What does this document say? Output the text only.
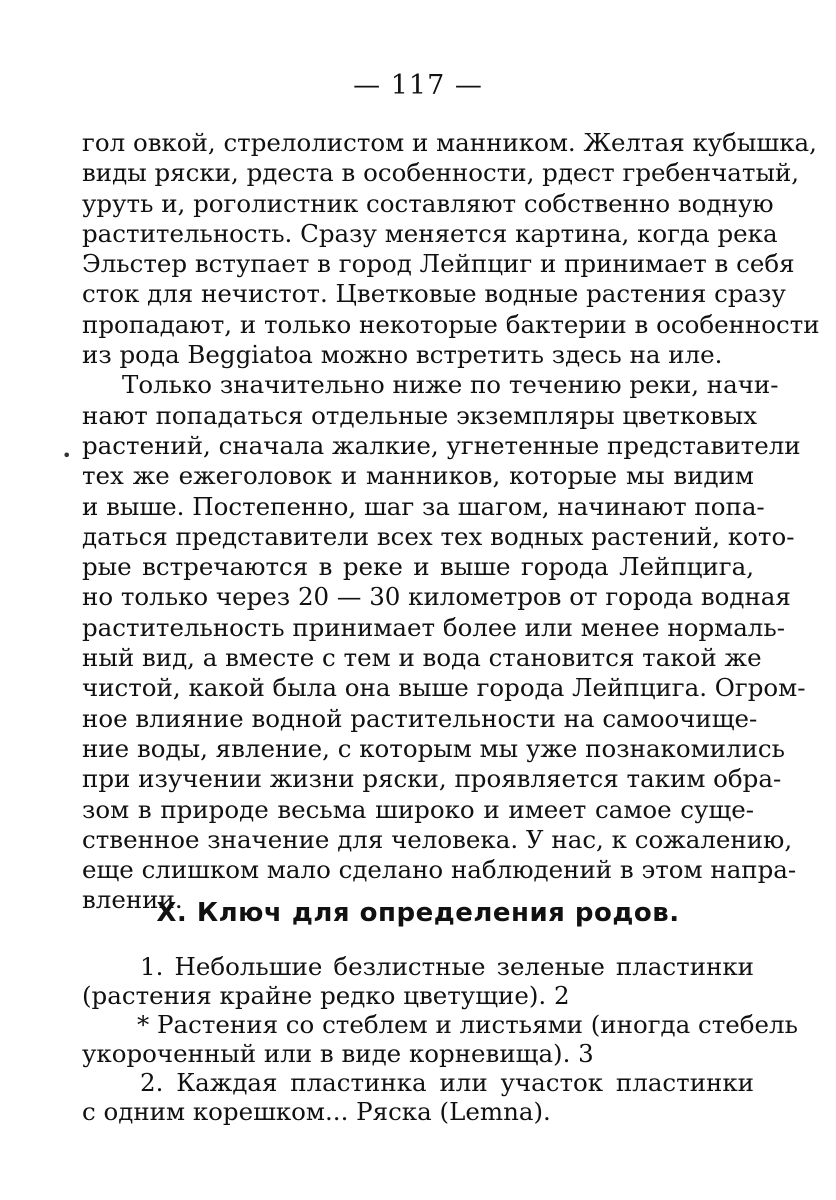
— 117 —
гол овкой, стрелолистом и манником. Желтая кубышка,
виды ряски, рдеста в особенности, рдест гребенчатый,
уруть и, роголистник составляют собственно водную
растительность. Сразу меняется картина, когда река
Эльстер вступает в город Лейпциг и принимает в себя
сток для нечистот. Цветковые водные растения сразу
пропадают, и только некоторые бактерии в особенности
из рода Beggiatoa можно встретить здесь на иле.
Только значительно ниже по течению реки, начи-
нают попадаться отдельные экземпляры цветковых
растений, сначала жалкие, угнетенные представители
тех же ежеголовок и манников, которые мы видим
и выше. Постепенно, шаг за шагом, начинают попа-
даться представители всех тех водных растений, кото-
рые встречаются в реке и выше города Лейпцига,
но только через 20 — 30 километров от города водная
растительность принимает более или менее нормаль-
ный вид, а вместе с тем и вода становится такой же
чистой, какой была она выше города Лейпцига. Огром-
ное влияние водной растительности на самоочище-
ние воды, явление, с которым мы уже познакомились
при изучении жизни ряски, проявляется таким обра-
зом в природе весьма широко и имеет самое суще-
ственное значение для человека. У нас, к сожалению,
еще слишком мало сделано наблюдений в этом напра-
влении.
X. Ключ для определения родов.
1. Небольшие безлистные зеленые пластинки
(растения крайне редко цветущие). 2
* Растения со стеблем и листьями (иногда стебель
укороченный или в виде корневища). 3
2. Каждая пластинка или участок пластинки
с одним корешком... Ряска (Lemna).
•
